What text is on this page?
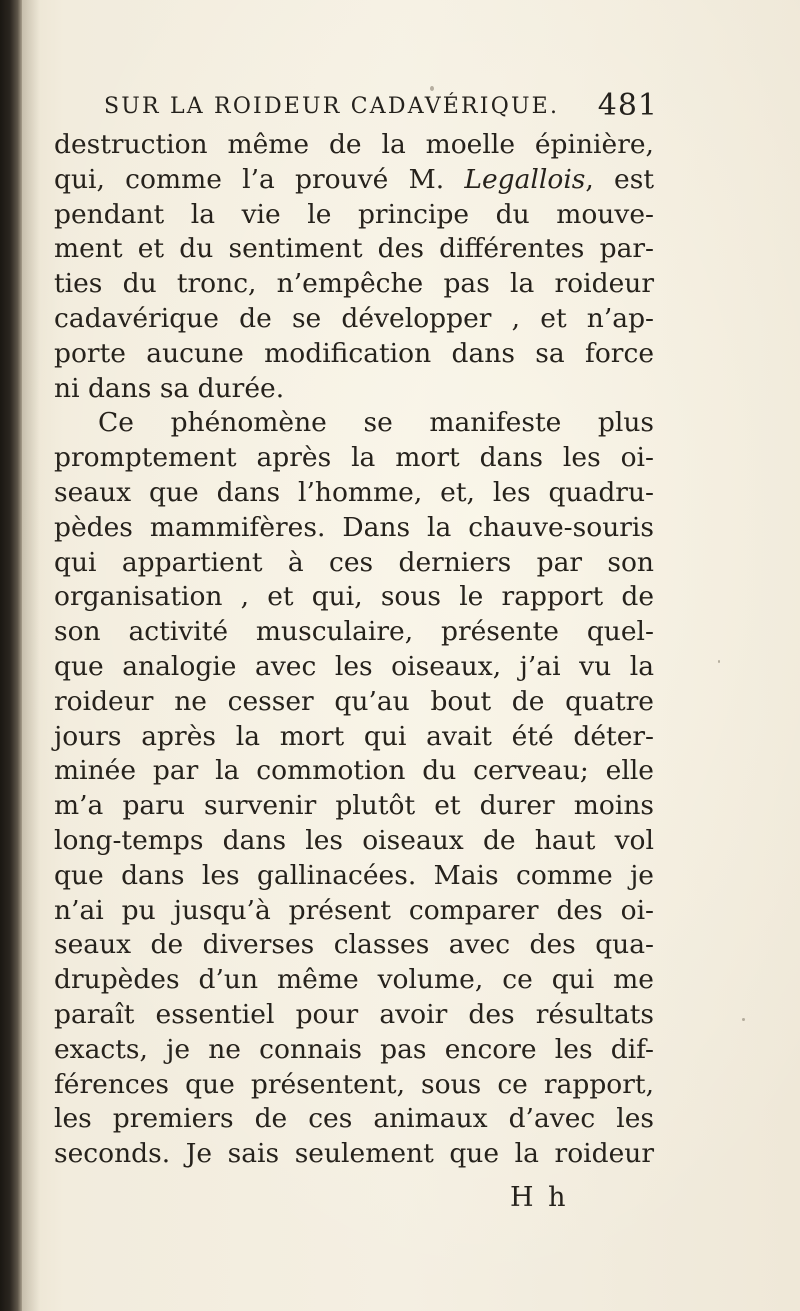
SUR LA ROIDEUR CADAVÉRIQUE. 481
destruction même de la moelle épinière,
qui, comme l’a prouvé M. Legallois, est
pendant la vie le principe du mouve-
ment et du sentiment des différentes par-
ties du tronc, n’empêche pas la roideur
cadavérique de se développer , et n’ap-
porte aucune modification dans sa force
ni dans sa durée.
Ce phénomène se manifeste plus
promptement après la mort dans les oi-
seaux que dans l’homme, et, les quadru-
pèdes mammifères. Dans la chauve-souris
qui appartient à ces derniers par son
organisation , et qui, sous le rapport de
son activité musculaire, présente quel-
que analogie avec les oiseaux, j’ai vu la
roideur ne cesser qu’au bout de quatre
jours après la mort qui avait été déter-
minée par la commotion du cerveau; elle
m’a paru survenir plutôt et durer moins
long-temps dans les oiseaux de haut vol
que dans les gallinacées. Mais comme je
n’ai pu jusqu’à présent comparer des oi-
seaux de diverses classes avec des qua-
drupèdes d’un même volume, ce qui me
paraît essentiel pour avoir des résultats
exacts, je ne connais pas encore les dif-
férences que présentent, sous ce rapport,
les premiers de ces animaux d’avec les
seconds. Je sais seulement que la roideur
H h
